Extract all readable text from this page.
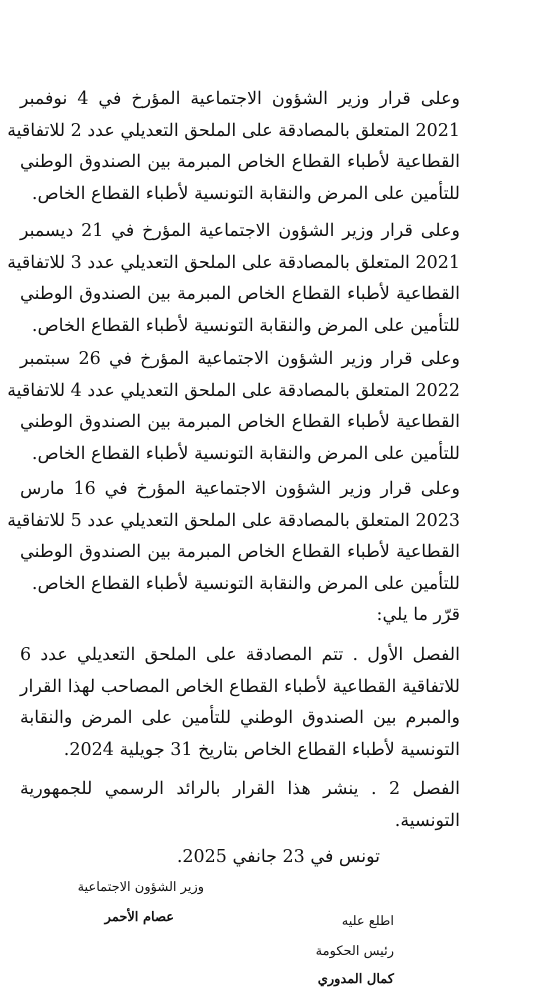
وعلى قرار وزير الشؤون الاجتماعية المؤرخ في 4 نوفمبر
2021 المتعلق بالمصادقة على الملحق التعديلي عدد 2 للاتفاقية
القطاعية لأطباء القطاع الخاص المبرمة بين الصندوق الوطني
للتأمين على المرض والنقابة التونسية لأطباء القطاع الخاص.
وعلى قرار وزير الشؤون الاجتماعية المؤرخ في 21 ديسمبر
2021 المتعلق بالمصادقة على الملحق التعديلي عدد 3 للاتفاقية
القطاعية لأطباء القطاع الخاص المبرمة بين الصندوق الوطني
للتأمين على المرض والنقابة التونسية لأطباء القطاع الخاص.
وعلى قرار وزير الشؤون الاجتماعية المؤرخ في 26 سبتمبر
2022 المتعلق بالمصادقة على الملحق التعديلي عدد 4 للاتفاقية
القطاعية لأطباء القطاع الخاص المبرمة بين الصندوق الوطني
للتأمين على المرض والنقابة التونسية لأطباء القطاع الخاص.
وعلى قرار وزير الشؤون الاجتماعية المؤرخ في 16 مارس
2023 المتعلق بالمصادقة على الملحق التعديلي عدد 5 للاتفاقية
القطاعية لأطباء القطاع الخاص المبرمة بين الصندوق الوطني
للتأمين على المرض والنقابة التونسية لأطباء القطاع الخاص.
قرّر ما يلي:
الفصل الأول . تتم المصادقة على الملحق التعديلي عدد 6
للاتفاقية القطاعية لأطباء القطاع الخاص المصاحب لهذا القرار
والمبرم بين الصندوق الوطني للتأمين على المرض والنقابة
التونسية لأطباء القطاع الخاص بتاريخ 31 جويلية 2024.
الفصل 2 . ينشر هذا القرار بالرائد الرسمي للجمهورية
التونسية.
تونس في 23 جانفي 2025.
وزير الشؤون الاجتماعية
عصام الأحمر	اطلع عليه
رئيس الحكومة
كمال المدوري
